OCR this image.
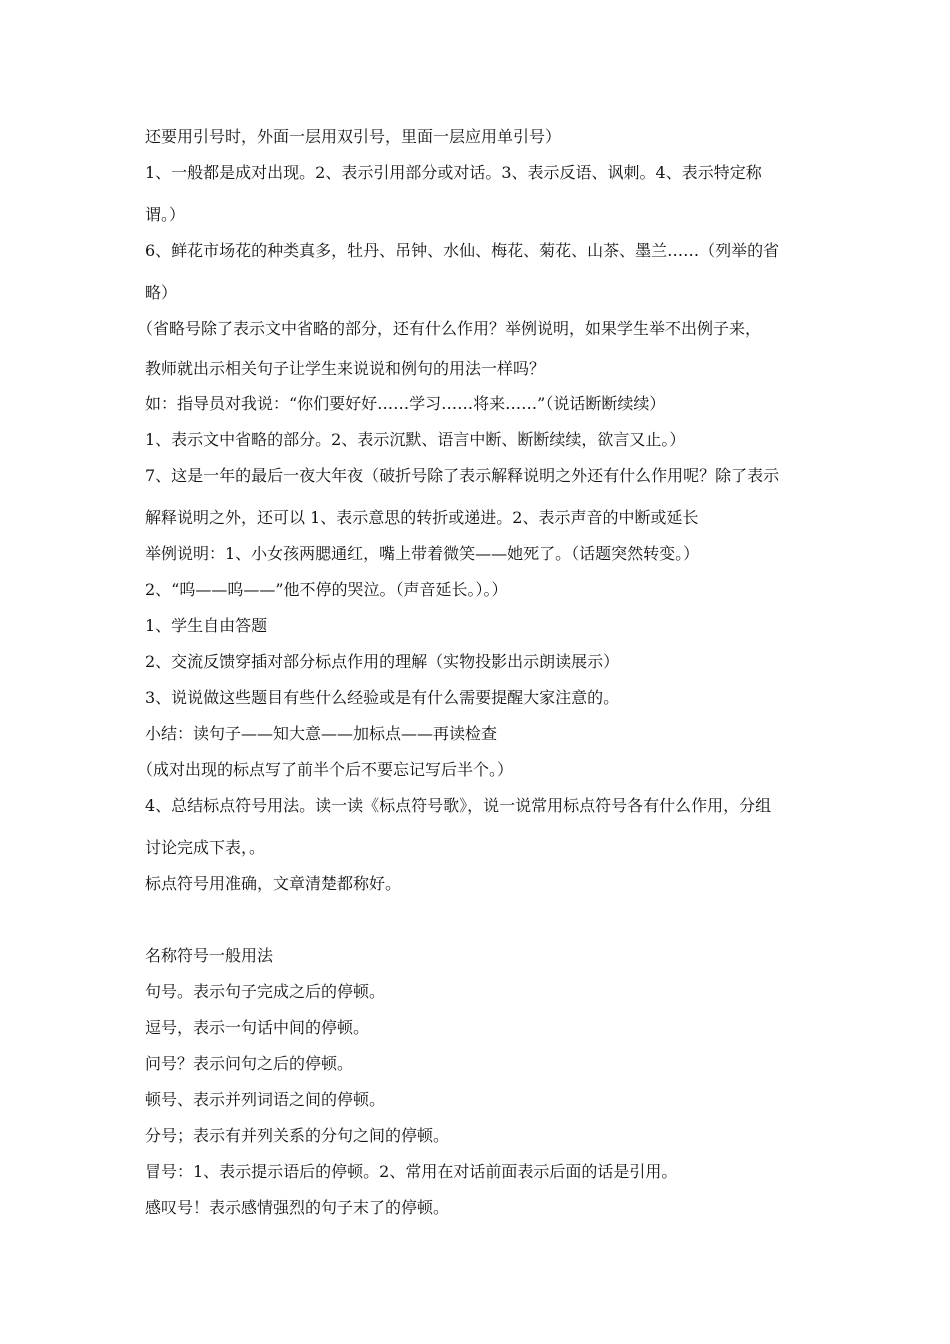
还要用引号时，外面一层用双引号，里面一层应用单引号）
1、一般都是成对出现。2、表示引用部分或对话。3、表示反语、讽刺。4、表示特定称
谓。）
6、鲜花市场花的种类真多，牡丹、吊钟、水仙、梅花、菊花、山茶、墨兰……（列举的省
略）
（省略号除了表示文中省略的部分，还有什么作用？举例说明，如果学生举不出例子来，
教师就出示相关句子让学生来说说和例句的用法一样吗？
如：指导员对我说：“你们要好好……学习……将来……”（说话断断续续）
1、表示文中省略的部分。2、表示沉默、语言中断、断断续续，欲言又止。）
7、这是一年的最后一夜大年夜（破折号除了表示解释说明之外还有什么作用呢？除了表示
解释说明之外，还可以 1、表示意思的转折或递进。2、表示声音的中断或延长
举例说明：1、小女孩两腮通红，嘴上带着微笑——她死了。（话题突然转变。）
2、“呜——呜——”他不停的哭泣。（声音延长。）。）
1、学生自由答题
2、交流反馈穿插对部分标点作用的理解（实物投影出示朗读展示）
3、说说做这些题目有些什么经验或是有什么需要提醒大家注意的。
小结：读句子——知大意——加标点——再读检查
（成对出现的标点写了前半个后不要忘记写后半个。）
4、总结标点符号用法。读一读《标点符号歌》，说一说常用标点符号各有什么作用，分组
讨论完成下表，。
标点符号用准确，文章清楚都称好。
名称符号一般用法
句号。表示句子完成之后的停顿。
逗号，表示一句话中间的停顿。
问号？表示问句之后的停顿。
顿号、表示并列词语之间的停顿。
分号；表示有并列关系的分句之间的停顿。
冒号：1、表示提示语后的停顿。2、常用在对话前面表示后面的话是引用。
感叹号！表示感情强烈的句子末了的停顿。
